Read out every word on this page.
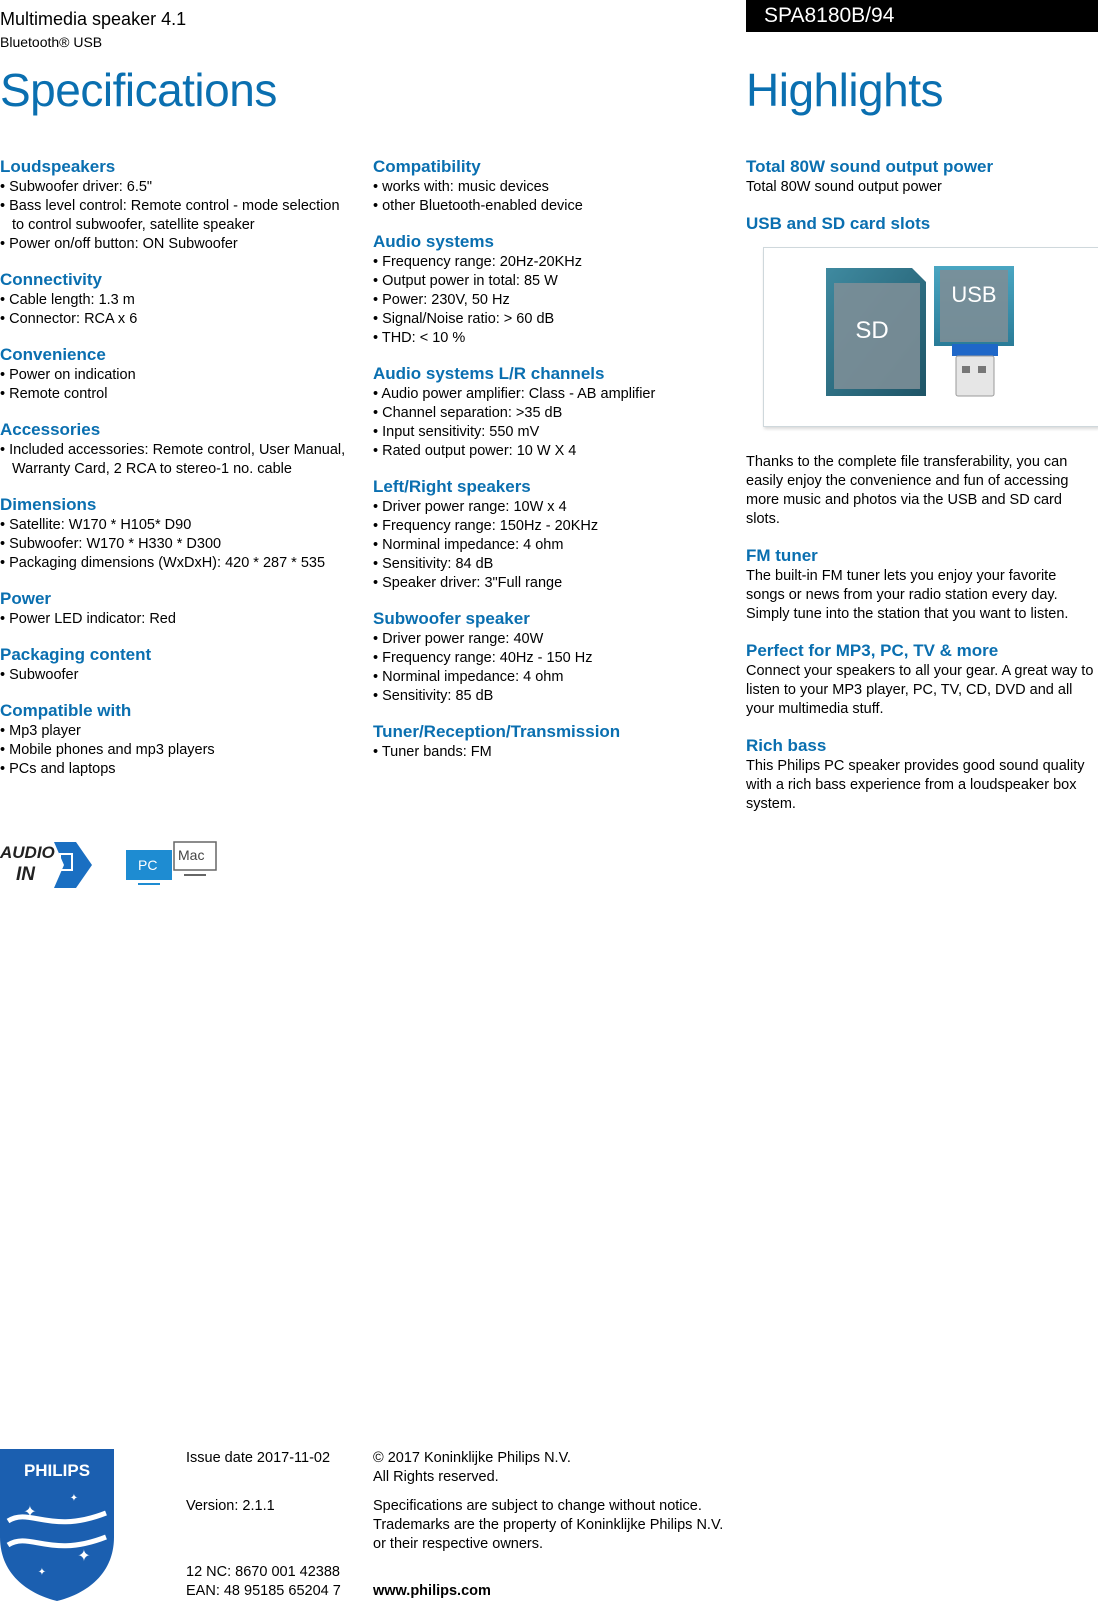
Multimedia speaker 4.1
Bluetooth® USB
SPA8180B/94
Specifications	Highlights
Loudspeakers
• Subwoofer driver: 6.5"
• Bass level control: Remote control - mode selection to control subwoofer, satellite speaker
• Power on/off button: ON Subwoofer
Connectivity
• Cable length: 1.3 m
• Connector: RCA x 6
Convenience
• Power on indication
• Remote control
Accessories
• Included accessories: Remote control, User Manual, Warranty Card, 2 RCA to stereo-1 no. cable
Dimensions
• Satellite: W170 * H105* D90
• Subwoofer: W170 * H330 * D300
• Packaging dimensions (WxDxH): 420 * 287 * 535
Power
• Power LED indicator: Red
Packaging content
• Subwoofer
Compatible with
• Mp3 player
• Mobile phones and mp3 players
• PCs and laptops
Compatibility
• works with: music devices
• other Bluetooth-enabled device
Audio systems
• Frequency range: 20Hz-20KHz
• Output power in total: 85 W
• Power: 230V, 50 Hz
• Signal/Noise ratio: > 60 dB
• THD: < 10 %
Audio systems L/R channels
• Audio power amplifier: Class - AB amplifier
• Channel separation: >35 dB
• Input sensitivity: 550 mV
• Rated output power: 10 W X 4
Left/Right speakers
• Driver power range: 10W x 4
• Frequency range: 150Hz - 20KHz
• Norminal impedance: 4 ohm
• Sensitivity: 84 dB
• Speaker driver: 3"Full range
Subwoofer speaker
• Driver power range: 40W
• Frequency range: 40Hz - 150 Hz
• Norminal impedance: 4 ohm
• Sensitivity: 85 dB
Tuner/Reception/Transmission
• Tuner bands: FM
Total 80W sound output power
Total 80W sound output power
USB and SD card slots
SD
USB
Thanks to the complete file transferability, you can easily enjoy the convenience and fun of accessing more music and photos via the USB and SD card slots.
FM tuner
The built-in FM tuner lets you enjoy your favorite songs or news from your radio station every day. Simply tune into the station that you want to listen.
Perfect for MP3, PC, TV & more
Connect your speakers to all your gear. A great way to listen to your MP3 player, PC, TV, CD, DVD and all your multimedia stuff.
Rich bass
This Philips PC speaker provides good sound quality with a rich bass experience from a loudspeaker box system.
AUDIO
IN
Mac
PC
PHILIPS
✦
✦
✦
✦
Issue date 2017-11-02
Version: 2.1.1
12 NC: 8670 001 42388
EAN: 48 95185 65204 7
© 2017 Koninklijke Philips N.V.
All Rights reserved.
Specifications are subject to change without notice.
Trademarks are the property of Koninklijke Philips N.V.
or their respective owners.
www.philips.com
